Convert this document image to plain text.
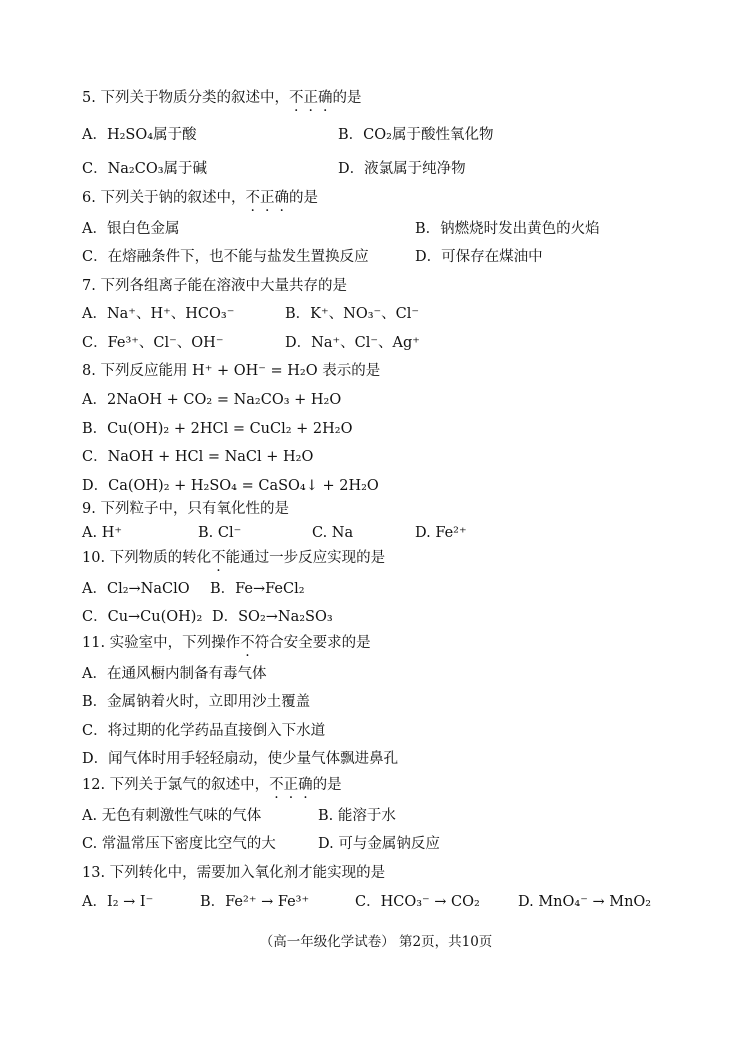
5. 下列关于物质分类的叙述中，不正确的是
A．H₂SO₄属于酸	B．CO₂属于酸性氧化物
C．Na₂CO₃属于碱	D．液氯属于纯净物
6. 下列关于钠的叙述中，不正确的是
A．银白色金属	B．钠燃烧时发出黄色的火焰
C．在熔融条件下，也不能与盐发生置换反应	D．可保存在煤油中
7. 下列各组离子能在溶液中大量共存的是
A．Na⁺、H⁺、HCO₃⁻	B．K⁺、NO₃⁻、Cl⁻
C．Fe³⁺、Cl⁻、OH⁻	D．Na⁺、Cl⁻、Ag⁺
8. 下列反应能用 H⁺ + OH⁻ = H₂O 表示的是
A．2NaOH + CO₂ = Na₂CO₃ + H₂O
B．Cu(OH)₂ + 2HCl = CuCl₂ + 2H₂O
C．NaOH + HCl = NaCl + H₂O
D．Ca(OH)₂ + H₂SO₄ = CaSO₄↓ + 2H₂O
9. 下列粒子中，只有氧化性的是
A. H⁺	B. Cl⁻	C. Na	D. Fe²⁺
10. 下列物质的转化不能通过一步反应实现的是
A．Cl₂→NaClO B．Fe→FeCl₂
C．Cu→Cu(OH)₂ D．SO₂→Na₂SO₃
11. 实验室中，下列操作不符合安全要求的是
A．在通风橱内制备有毒气体
B．金属钠着火时，立即用沙土覆盖
C．将过期的化学药品直接倒入下水道
D．闻气体时用手轻轻扇动，使少量气体飘进鼻孔
12. 下列关于氯气的叙述中，不正确的是
A. 无色有刺激性气味的气体	B. 能溶于水
C. 常温常压下密度比空气的大	D. 可与金属钠反应
13. 下列转化中，需要加入氧化剂才能实现的是
A．I₂ → I⁻	B．Fe²⁺ → Fe³⁺	C．HCO₃⁻ → CO₂	D. MnO₄⁻ → MnO₂
（高一年级化学试卷） 第2页，共10页
